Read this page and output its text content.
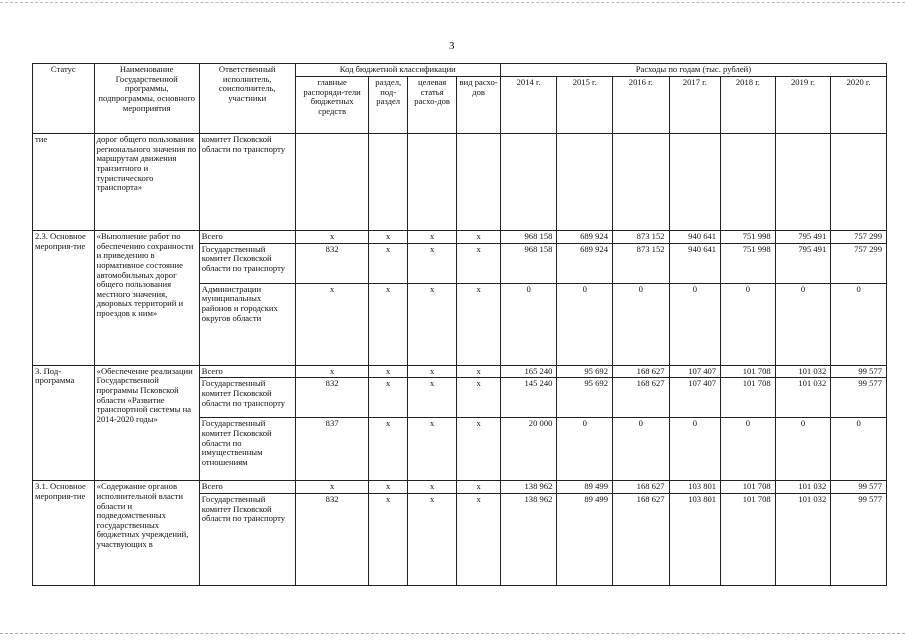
3
Статус	Наименование Государственной программы, подпрограммы, основного мероприятия	Ответственный исполнитель, соисполнитель, участники	Код бюджетной классификации				Расходы по годам (тыс. рублей)						
			главные распоряди-тели бюджетных средств	раздел, под-раздел	целевая статья расхо-дов	вид расхо-дов	2014 г.	2015 г.	2016 г.	2017 г.	2018 г.	2019 г.	2020 г.
тие	дорог общего пользования регионального значения по маршрутам движения транзитного и туристического транспорта»	комитет Псковской области по транспорту											
2.3. Основное мероприя-тие	«Выполнение работ по обеспечению сохранности и приведению в нормативное состояние автомобильных дорог общего пользования местного значения, дворовых территорий и проездов к ним»	Всего	x	x	x	x	968 158	689 924	873 152	940 641	751 998	795 491	757 299
		Государственный комитет Псковской области по транспорту	832	x	x	x	968 158	689 924	873 152	940 641	751 998	795 491	757 299
		Администрации муниципальных районов и городских округов области	x	x	x	x	0	0	0	0	0	0	0
3. Под-программа	«Обеспечение реализации Государственной программы Псковской области «Развитие транспортной системы на 2014-2020 годы»	Всего	x	x	x	x	165 240	95 692	168 627	107 407	101 708	101 032	99 577
		Государственный комитет Псковской области по транспорту	832	x	x	x	145 240	95 692	168 627	107 407	101 708	101 032	99 577
		Государственный комитет Псковской области по имущественным отношениям	837	x	x	x	20 000	0	0	0	0	0	0
3.1. Основное мероприя-тие	«Содержание органов исполнительной власти области и подведомственных государственных бюджетных учреждений, участвующих в	Всего	x	x	x	x	138 962	89 499	168 627	103 801	101 708	101 032	99 577
		Государственный комитет Псковской области по транспорту	832	x	x	x	138 962	89 499	168 627	103 801	101 708	101 032	99 577
